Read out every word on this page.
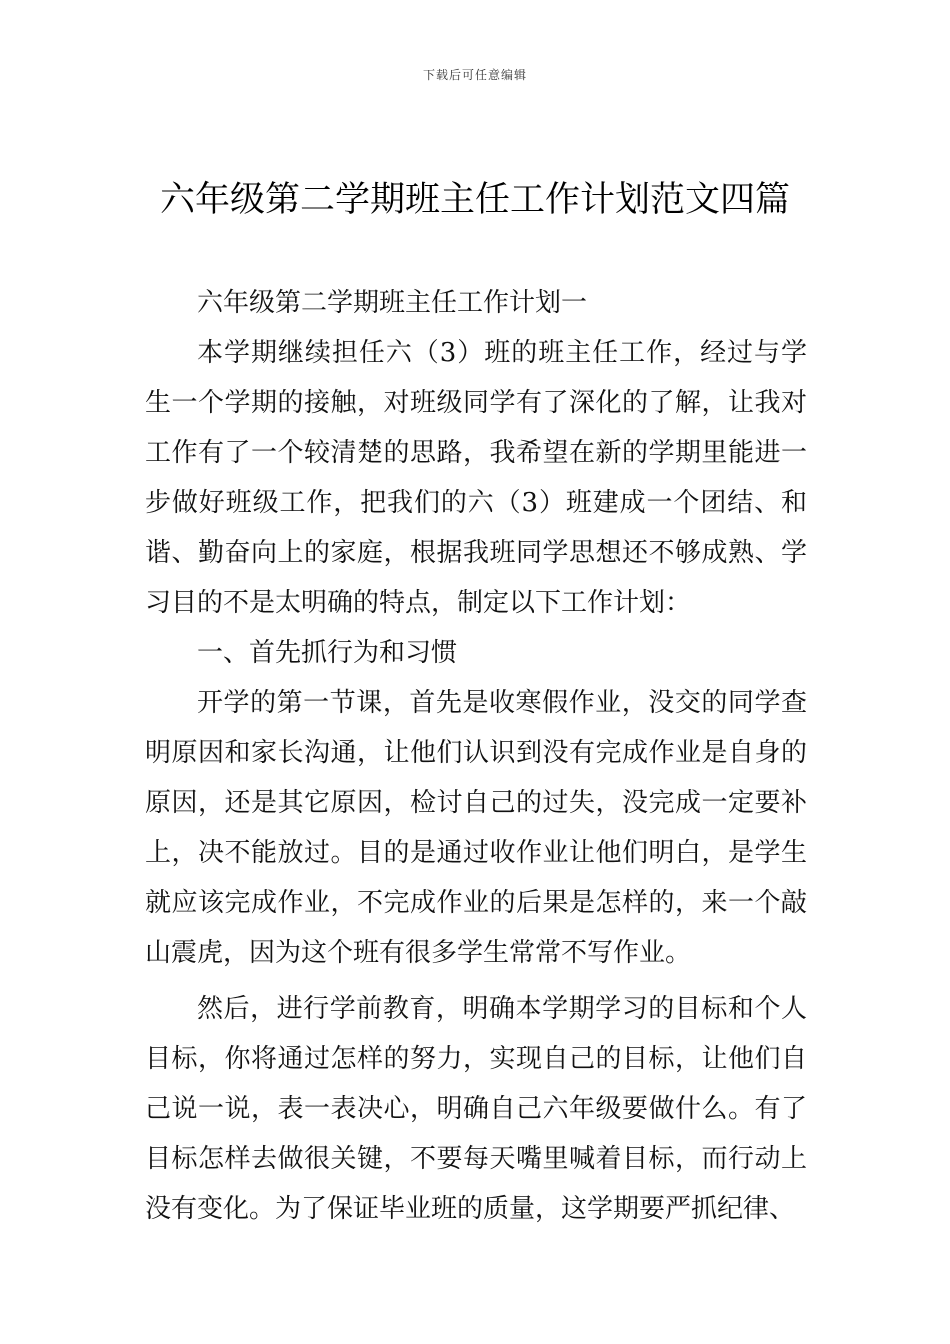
下载后可任意编辑
六年级第二学期班主任工作计划范文四篇

六年级第二学期班主任工作计划一

本学期继续担任六（3）班的班主任工作，经过与学生一个学期的接触，对班级同学有了深化的了解，让我对工作有了一个较清楚的思路，我希望在新的学期里能进一步做好班级工作，把我们的六（3）班建成一个团结、和谐、勤奋向上的家庭，根据我班同学思想还不够成熟、学习目的不是太明确的特点，制定以下工作计划：

一、首先抓行为和习惯

开学的第一节课，首先是收寒假作业，没交的同学查明原因和家长沟通，让他们认识到没有完成作业是自身的原因，还是其它原因，检讨自己的过失，没完成一定要补上，决不能放过。目的是通过收作业让他们明白，是学生就应该完成作业，不完成作业的后果是怎样的，来一个敲山震虎，因为这个班有很多学生常常不写作业。

然后，进行学前教育，明确本学期学习的目标和个人目标，你将通过怎样的努力，实现自己的目标，让他们自己说一说，表一表决心，明确自己六年级要做什么。有了目标怎样去做很关键，不要每天嘴里喊着目标，而行动上没有变化。为了保证毕业班的质量，这学期要严抓纪律、
